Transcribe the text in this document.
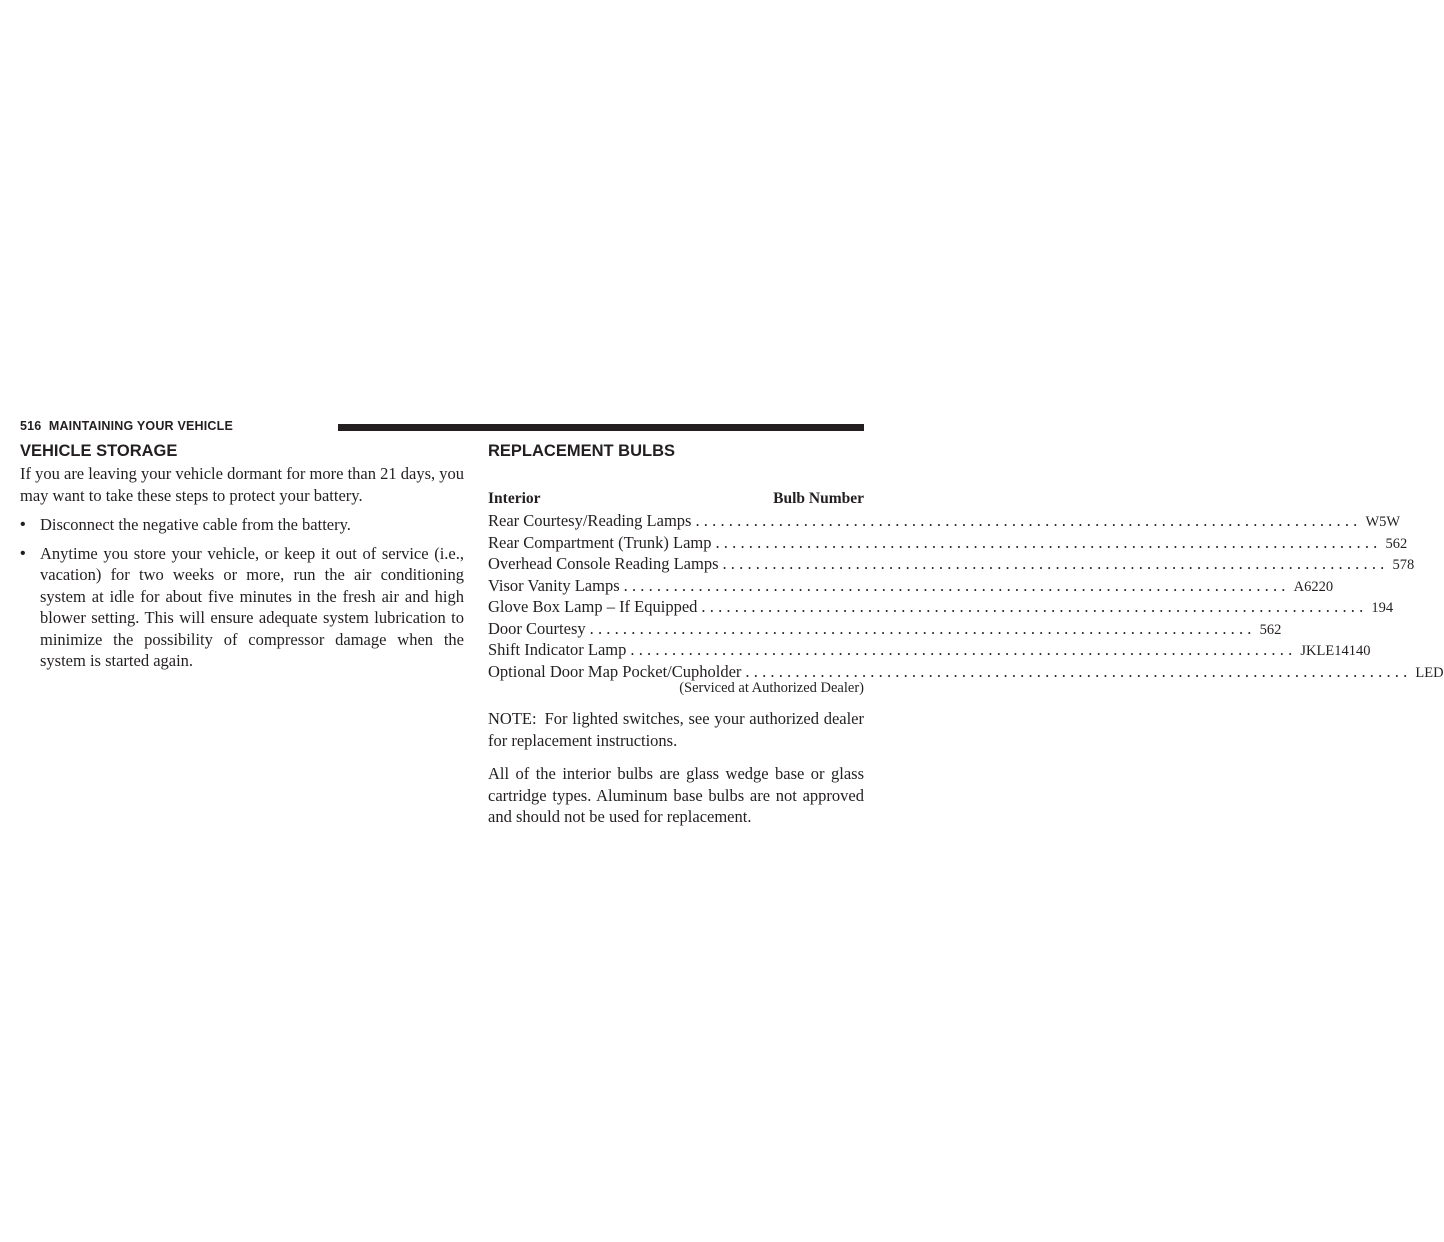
516 MAINTAINING YOUR VEHICLE
VEHICLE STORAGE

If you are leaving your vehicle dormant for more than 21 days, you may want to take these steps to protect your battery.

• Disconnect the negative cable from the battery.
• Anytime you store your vehicle, or keep it out of service (i.e., vacation) for two weeks or more, run the air conditioning system at idle for about five minutes in the fresh air and high blower setting. This will ensure adequate system lubrication to minimize the possibility of compressor damage when the system is started again.
REPLACEMENT BULBS
Interior	Bulb Number
Rear Courtesy/Reading Lamps ................................................................................ W5W
Rear Compartment (Trunk) Lamp ................................................................................ 562
Overhead Console Reading Lamps ................................................................................ 578
Visor Vanity Lamps ................................................................................ A6220
Glove Box Lamp – If Equipped ................................................................................ 194
Door Courtesy ................................................................................ 562
Shift Indicator Lamp ................................................................................ JKLE14140
Optional Door Map Pocket/Cupholder ................................................................................ LED
(Serviced at Authorized Dealer)

NOTE: For lighted switches, see your authorized dealer for replacement instructions.

All of the interior bulbs are glass wedge base or glass cartridge types. Aluminum base bulbs are not approved and should not be used for replacement.
